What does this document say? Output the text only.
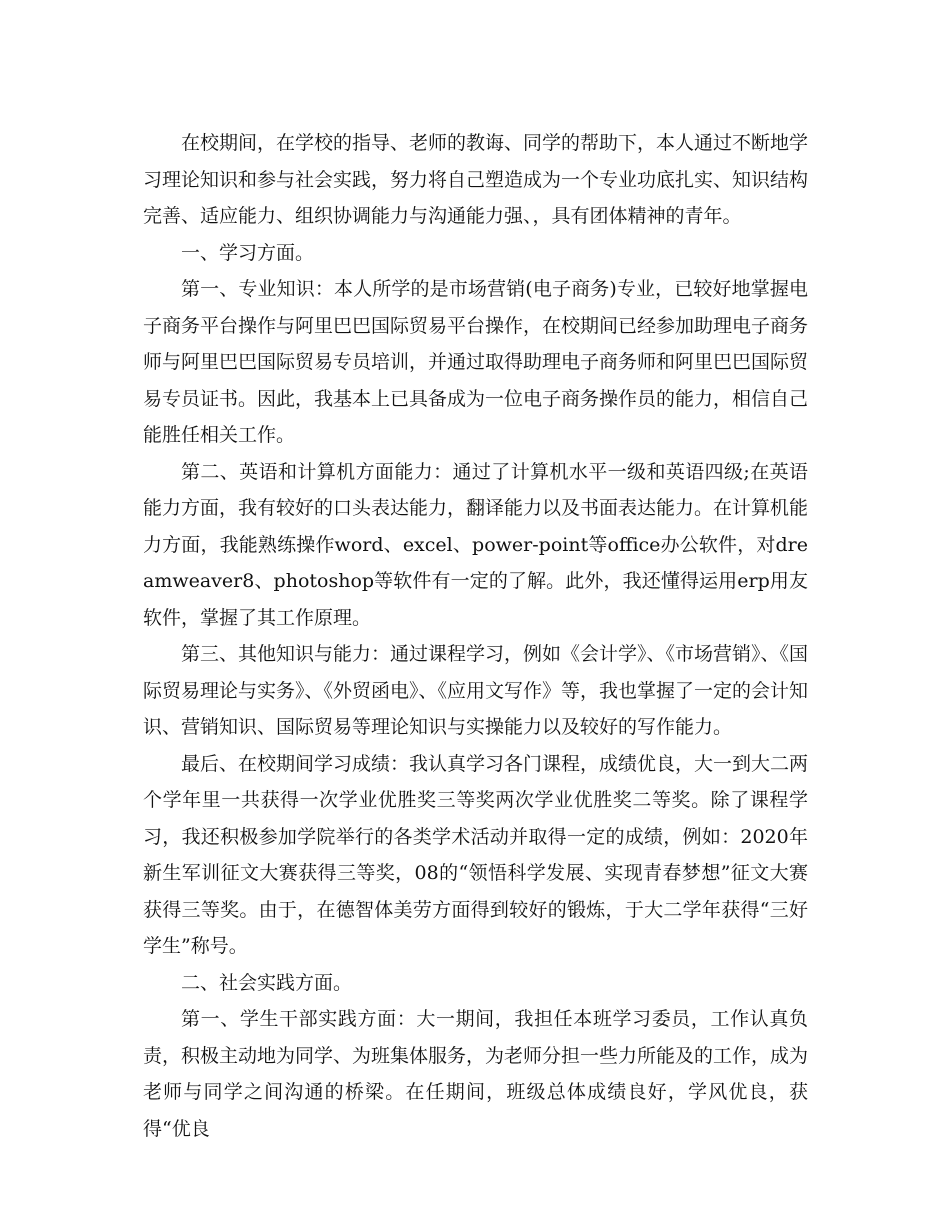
在校期间，在学校的指导、老师的教诲、同学的帮助下，本人通过不断地学习理论知识和参与社会实践，努力将自己塑造成为一个专业功底扎实、知识结构完善、适应能力、组织协调能力与沟通能力强、，具有团体精神的青年。

一、学习方面。

第一、专业知识：本人所学的是市场营销(电子商务)专业，已较好地掌握电子商务平台操作与阿里巴巴国际贸易平台操作，在校期间已经参加助理电子商务师与阿里巴巴国际贸易专员培训，并通过取得助理电子商务师和阿里巴巴国际贸易专员证书。因此，我基本上已具备成为一位电子商务操作员的能力，相信自己能胜任相关工作。

第二、英语和计算机方面能力：通过了计算机水平一级和英语四级;在英语能力方面，我有较好的口头表达能力，翻译能力以及书面表达能力。在计算机能力方面，我能熟练操作word、excel、power-point等office办公软件，对dreamweaver8、photoshop等软件有一定的了解。此外，我还懂得运用erp用友软件，掌握了其工作原理。

第三、其他知识与能力：通过课程学习，例如《会计学》、《市场营销》、《国际贸易理论与实务》、《外贸函电》、《应用文写作》等，我也掌握了一定的会计知识、营销知识、国际贸易等理论知识与实操能力以及较好的写作能力。

最后、在校期间学习成绩：我认真学习各门课程，成绩优良，大一到大二两个学年里一共获得一次学业优胜奖三等奖两次学业优胜奖二等奖。除了课程学习，我还积极参加学院举行的各类学术活动并取得一定的成绩，例如：2020年新生军训征文大赛获得三等奖，08的“领悟科学发展、实现青春梦想”征文大赛获得三等奖。由于，在德智体美劳方面得到较好的锻炼，于大二学年获得“三好学生”称号。

二、社会实践方面。

第一、学生干部实践方面：大一期间，我担任本班学习委员，工作认真负责，积极主动地为同学、为班集体服务，为老师分担一些力所能及的工作，成为老师与同学之间沟通的桥梁。在任期间，班级总体成绩良好，学风优良，获得“优良
